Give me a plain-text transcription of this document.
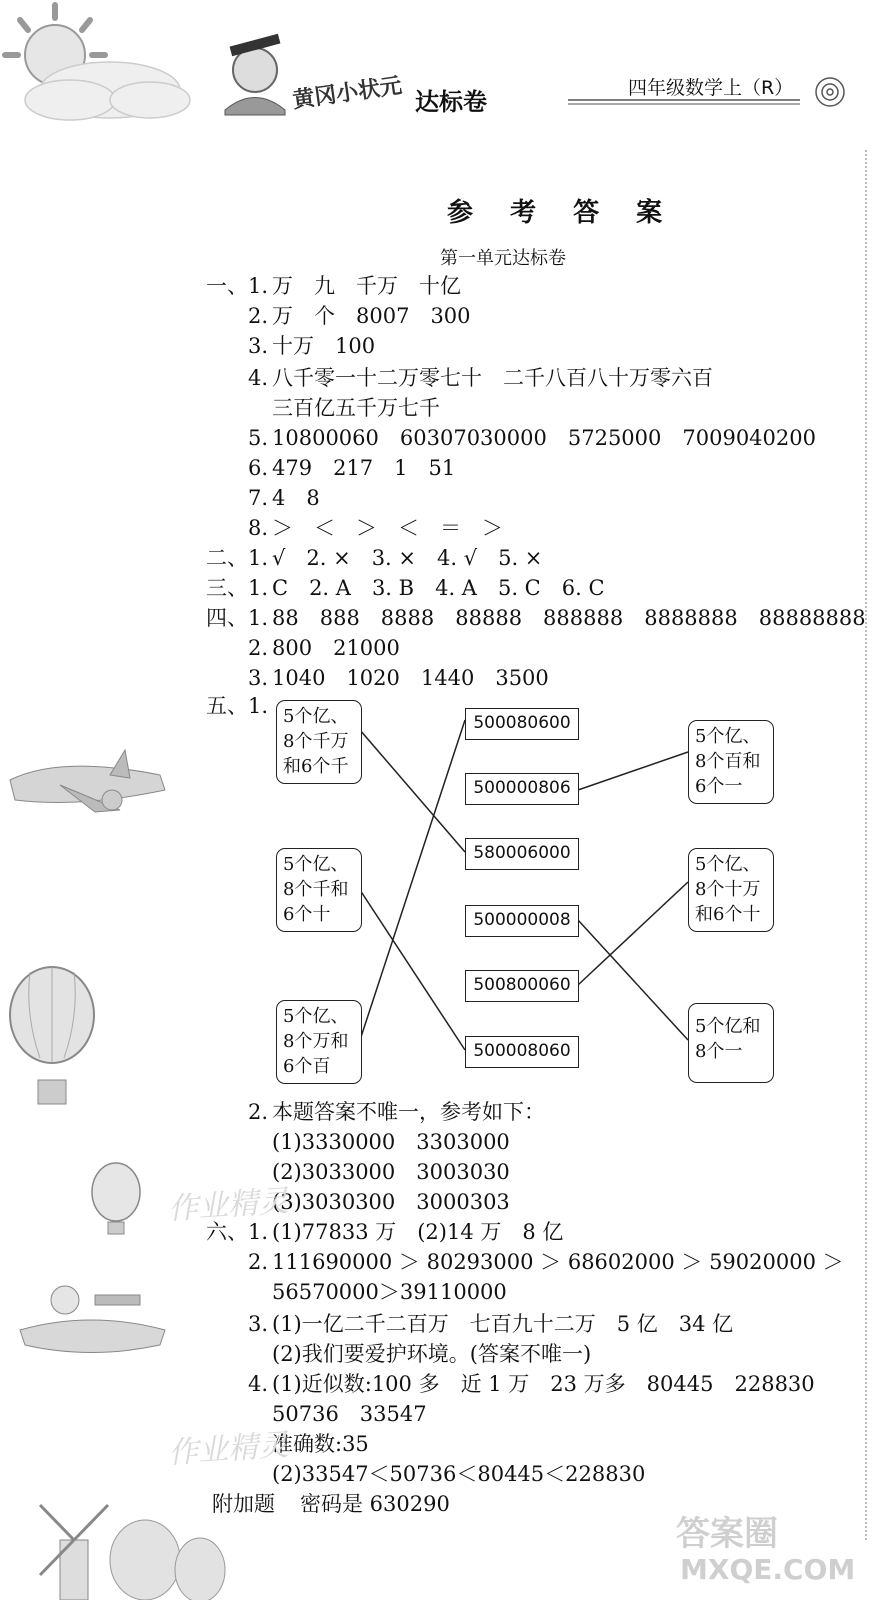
黄冈小状元 达标卷	四年级数学上（R）
参 考 答 案
第一单元达标卷
一、1. 万　九　千万　十亿
2. 万　个　8007　300
3. 十万　100
4. 八千零一十二万零七十　二千八百八十万零六百
三百亿五千万七千
5. 10800060　60307030000　5725000　7009040200
6. 479　217　1　51
7. 4　8
8. ＞　＜　＞　＜　＝　＞
二、1. √　2. ×　3. ×　4. √　5. ×
三、1. C　2. A　3. B　4. A　5. C　6. C
四、1. 88　888　8888　88888　888888　8888888　88888888
2. 800　21000
3. 1040　1020　1440　3500
五、1. 5个亿、
8个千万
和6个千
5个亿、
8个千和
6个十
5个亿、
8个万和
6个百
500080600
500000806
580006000
500000008
500800060
500008060
5个亿、
8个百和
6个一
5个亿、
8个十万
和6个十
5个亿和
8个一
2. 本题答案不唯一，参考如下：
(1)3330000　3303000
(2)3033000　3003030
(3)3030300　3000303
六、1. (1)77833 万　(2)14 万　8 亿
2. 111690000 ＞ 80293000 ＞ 68602000 ＞ 59020000 ＞
56570000＞39110000
3. (1)一亿二千二百万　七百九十二万　5 亿　34 亿
(2)我们要爱护环境。(答案不唯一)
4. (1)近似数:100 多　近 1 万　23 万多　80445　228830
50736　33547
准确数:35
(2)33547＜50736＜80445＜228830
附加题 密码是 630290
作业精灵
作业精灵
答案圈
MXQE.COM
